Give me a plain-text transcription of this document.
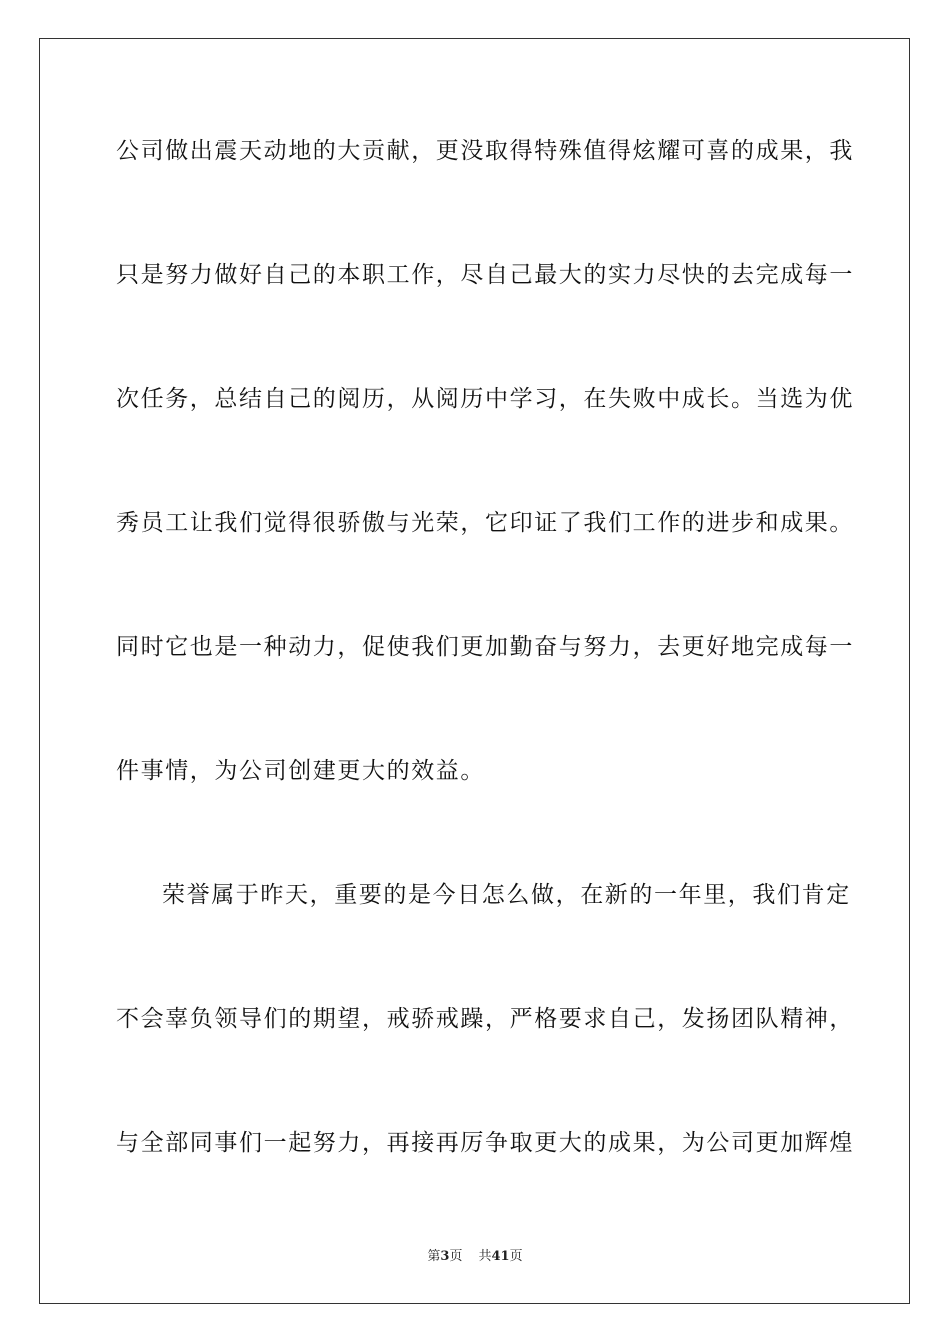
公司做出震天动地的大贡献，更没取得特殊值得炫耀可喜的成果，我
只是努力做好自己的本职工作，尽自己最大的实力尽快的去完成每一
次任务，总结自己的阅历，从阅历中学习，在失败中成长。当选为优
秀员工让我们觉得很骄傲与光荣，它印证了我们工作的进步和成果。
同时它也是一种动力，促使我们更加勤奋与努力，去更好地完成每一
件事情，为公司创建更大的效益。
荣誉属于昨天，重要的是今日怎么做，在新的一年里，我们肯定
不会辜负领导们的期望，戒骄戒躁，严格要求自己，发扬团队精神，
与全部同事们一起努力，再接再厉争取更大的成果，为公司更加辉煌
第3页 共41页
